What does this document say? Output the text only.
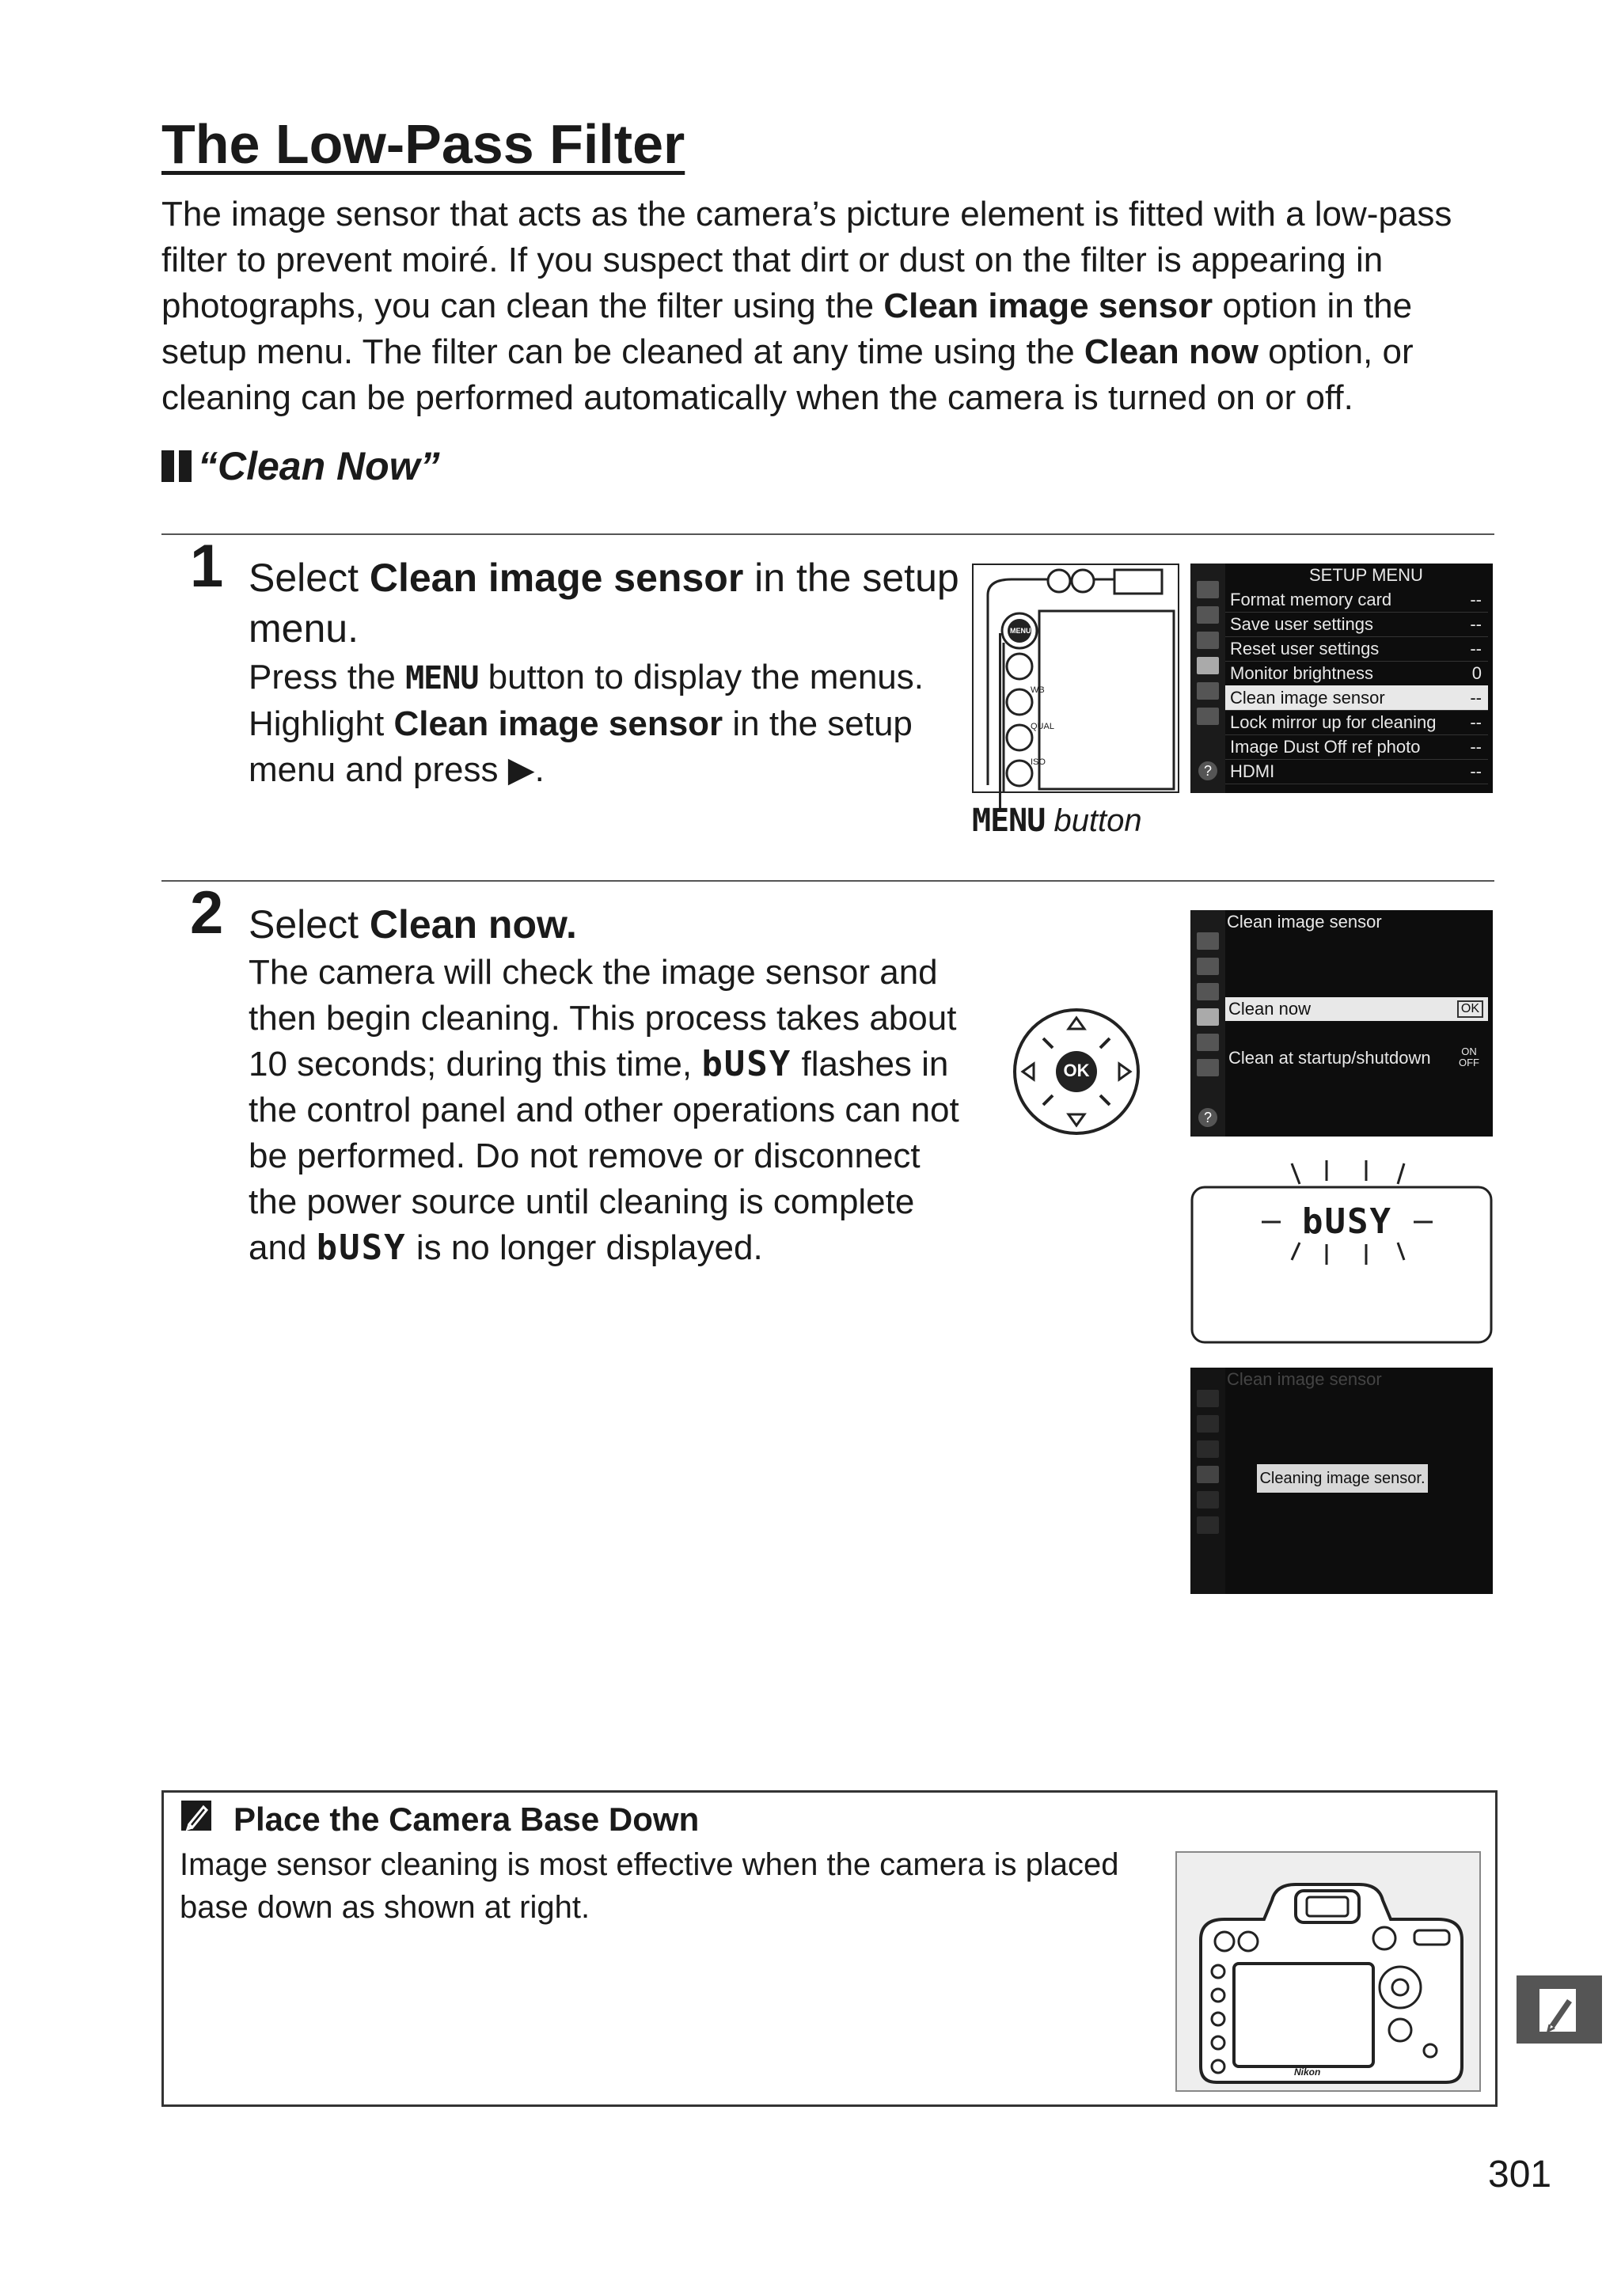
The Low-Pass Filter
The image sensor that acts as the camera’s picture element is fitted with a low-pass filter to prevent moiré. If you suspect that dirt or dust on the filter is appearing in photographs, you can clean the filter using the Clean image sensor option in the setup menu. The filter can be cleaned at any time using the Clean now option, or cleaning can be performed automatically when the camera is turned on or off.
“Clean Now”
1 Select Clean image sensor in the setup menu.
Press the MENU button to display the menus. Highlight Clean image sensor in the setup menu and press ▶.
MENU
WB
QUAL
ISO
MENU button
SETUP MENU
Format memory card	--
Save user settings	--
Reset user settings	--
Monitor brightness	0
Clean image sensor	--
Lock mirror up for cleaning --
Image Dust Off ref photo	--
HDMI	--
?
2 Select Clean now.
The camera will check the image sensor and then begin cleaning. This process takes about 10 seconds; during this time, bUSY flashes in the control panel and other operations can not be performed. Do not remove or disconnect the power source until cleaning is complete and bUSY is no longer displayed.
OK
Clean image sensor
Clean now	OK
Clean at startup/shutdown	ON OFF
?
bUSY
Clean image sensor
Cleaning image sensor.
Place the Camera Base Down
Image sensor cleaning is most effective when the camera is placed base down as shown at right.
Nikon
301
